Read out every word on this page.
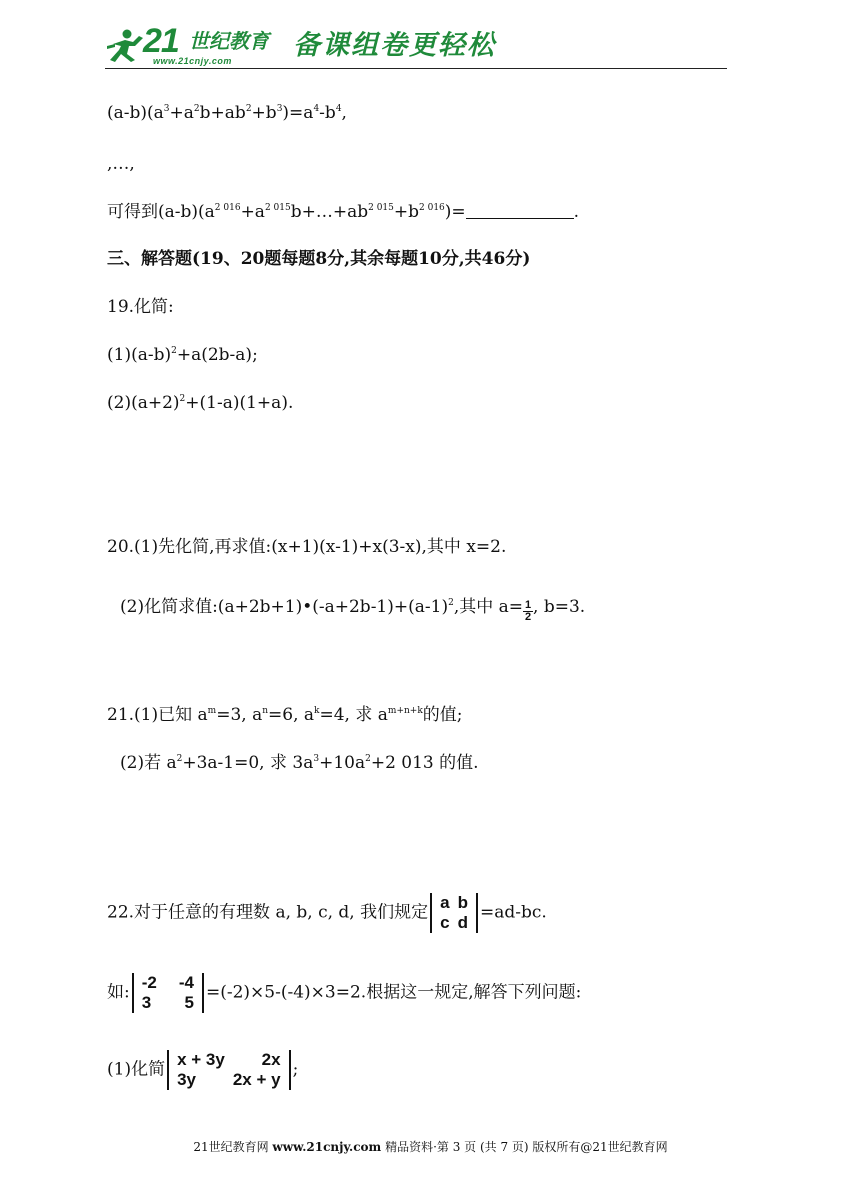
21 世纪教育
www.21cnjy.com 备课组卷更轻松
$(a-b)(a^3+a^2b+ab^2+b^3)=a^4-b^4$,
,…,
可得到$(a-b)(a^{2 016}+a^{2 015}b+\dots+ab^{2 015}+b^{2 016})=$	.
三、解答题(19、20题每题8分,其余每题10分,共46分)
19.化简:
$(1)(a-b)^2+a(2b-a)$;
$(2)(a+2)^2+(1-a)(1+a)$.
20.(1)先化简,再求值:(x+1)(x-1)+x(3-x),其中 x=2.
(2)化简求值$:(a+2b+1)•(-a+2b-1)+(a-1)^2$,其中 $a= \frac{1}{2}$ , b=3.
21.(1)已知 $a^m=3$, $a^n=6$, $a^k=4$, 求 $a^{m+n+k}$的值;
(2)若 $a^2+3a-1=0$, 求 $3a^3+10a^2+2$ 013 的值.
22.对于任意的有理数 a, b, c, d, 我们规定 a	b
c	d =ad-bc.
如: -2	-4
3	5 =(-2)×5-(-4)×3=2.根据这一规定,解答下列问题:
(1)化简 x + 3y	2x
3y	2x + y ;
21世纪教育网 www.21cnjy.com 精品资料·第 3 页 (共 7 页) 版权所有@21世纪教育网
